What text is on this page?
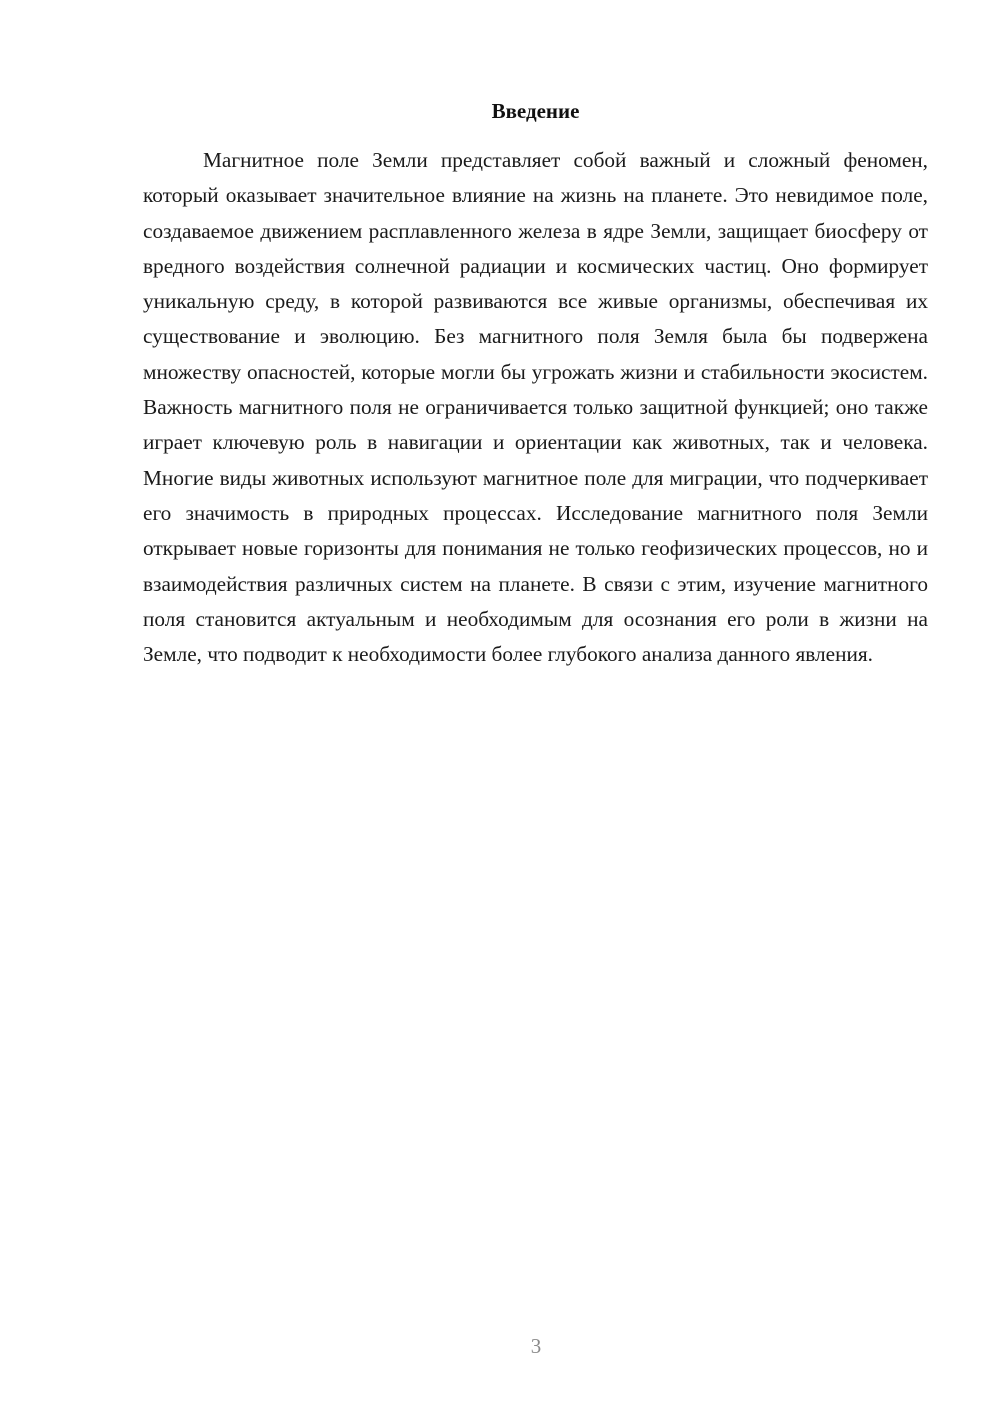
Введение

Магнитное поле Земли представляет собой важный и сложный феномен, который оказывает значительное влияние на жизнь на планете. Это невидимое поле, создаваемое движением расплавленного железа в ядре Земли, защищает биосферу от вредного воздействия солнечной радиации и космических частиц. Оно формирует уникальную среду, в которой развиваются все живые организмы, обеспечивая их существование и эволюцию. Без магнитного поля Земля была бы подвержена множеству опасностей, которые могли бы угрожать жизни и стабильности экосистем. Важность магнитного поля не ограничивается только защитной функцией; оно также играет ключевую роль в навигации и ориентации как животных, так и человека. Многие виды животных используют магнитное поле для миграции, что подчеркивает его значимость в природных процессах. Исследование магнитного поля Земли открывает новые горизонты для понимания не только геофизических процессов, но и взаимодействия различных систем на планете. В связи с этим, изучение магнитного поля становится актуальным и необходимым для осознания его роли в жизни на Земле, что подводит к необходимости более глубокого анализа данного явления.

3
